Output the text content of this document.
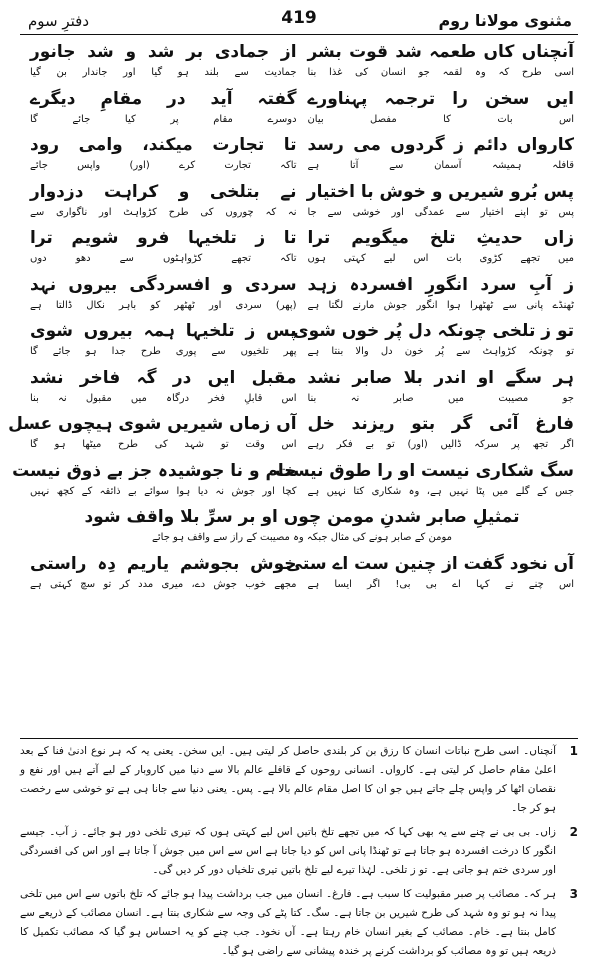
دفترِ سوم	419	مثنوی مولانا روم
آنچناں کاں طعمہ شد قوت بشر
اسی طرح کہ وہ لقمہ جو انسان کی غذا بنا
از جمادی بر شد و شد جانور
جمادیت سے بلند ہو گیا اور جاندار بن گیا
ایں سخن را ترجمہ پہناورے
اس بات کا مفصل بیان
گفتہ آید در مقامِ دیگرے
دوسرے مقام پر کیا جائے گا
کارواں دائم ز گردوں می رسد
قافلہ ہمیشہ آسمان سے آتا ہے
تا تجارت میکند، وامی رود
تاکہ تجارت کرے (اور) واپس جائے
پس بُرو شیریں و خوش با اختیار
پس تو اپنے اختیار سے عمدگی اور خوشی سے جا
نے بتلخی و کراہت دزدوار
نہ کہ چوروں کی طرح کڑواہٹ اور ناگواری سے
زاں حدیثِ تلخ میگویم ترا
میں تجھے کڑوی بات اس لیے کہتی ہوں
تا ز تلخیہا فرو شویم ترا
تاکہ تجھے کڑواہٹوں سے دھو دوں
ز آبِ سرد انگورِ افسردہ زہد
ٹھنڈے پانی سے ٹھٹھرا ہوا انگور جوش مارنے لگتا ہے
سردی و افسردگی بیروں نہد
(پھر) سردی اور ٹھٹھر کو باہر نکال ڈالتا ہے
تو ز تلخی چونکہ دل پُر خوں شوی
تو چونکہ کڑواہٹ سے پُر خون دل والا بنتا ہے
پس ز تلخیہا ہمہ بیروں شوی
پھر تلخیوں سے پوری طرح جدا ہو جائے گا
ہر سگے او اندر بلا صابر نشد
جو مصیبت میں صابر نہ بنا
مقبل ایں در گہ فاخر نشد
اس قابلِ فخر درگاہ میں مقبول نہ بنا
فارغ آئی گر بتو ریزند خل
اگر تجھ پر سرکہ ڈالیں (اور) تو بے فکر رہے
آں زماں شیریں شوی ہیچوں عسل
اس وقت تو شہد کی طرح میٹھا ہو گا
سگ شکاری نیست او را طوق نیست
جس کے گلے میں پٹا نہیں ہے، وہ شکاری کتا نہیں ہے
خام و نا جوشیدہ جز بے ذوق نیست
کچا اور جوش نہ دیا ہوا سوائے بے ذائقہ کے کچھ نہیں
تمثیلِ صابر شدنِ مومن چوں او بر سرِّ بلا واقف شود
مومن کے صابر ہونے کی مثال جبکہ وہ مصیبت کے راز سے واقف ہو جائے
آں نخود گفت از چنین ست اے ستی
اس چنے نے کہا اے بی بی! اگر ایسا ہے
خوش بجوشم یاریم دِہ راستی
مجھے خوب جوش دے، میری مدد کر تو سچ کہتی ہے
1
آنچناں۔ اسی طرح نباتات انسان کا رزق بن کر بلندی حاصل کر لیتی ہیں۔ ایں سخن۔ یعنی یہ کہ ہر نوع ادنیٰ فنا کے بعد اعلیٰ مقام حاصل کر لیتی ہے۔ کارواں۔ انسانی روحوں کے قافلے عالم بالا سے دنیا میں کاروبار کے لیے آتے ہیں اور نفع و نقصان اٹھا کر واپس چلے جاتے ہیں جو ان کا اصل مقام عالم بالا ہے۔ پس۔ یعنی دنیا سے جانا ہی ہے تو خوشی سے رخصت ہو کر جا۔
2
زاں۔ بی بی نے چنے سے یہ بھی کہا کہ میں تجھے تلخ باتیں اس لیے کہتی ہوں کہ تیری تلخی دور ہو جائے۔ ز آب۔ جیسے انگور کا درخت افسردہ ہو جاتا ہے تو ٹھنڈا پانی اس کو دیا جاتا ہے اس سے اس میں جوش آ جاتا ہے اور اس کی افسردگی اور سردی ختم ہو جاتی ہے۔ تو ز تلخی۔ لہٰذا تیرے لیے تلخ باتیں تیری تلخیاں دور کر دیں گی۔
3
ہر کہ۔ مصائب پر صبر مقبولیت کا سبب ہے۔ فارغ۔ انسان میں جب برداشت پیدا ہو جائے کہ تلخ باتوں سے اس میں تلخی پیدا نہ ہو تو وہ شہد کی طرح شیریں بن جاتا ہے۔ سگ۔ کتا پٹے کی وجہ سے شکاری بنتا ہے۔ انسان مصائب کے ذریعے سے کامل بنتا ہے۔ خام۔ مصائب کے بغیر انسان خام رہتا ہے۔ آں نخود۔ جب چنے کو یہ احساس ہو گیا کہ مصائب تکمیل کا ذریعہ ہیں تو وہ مصائب کو برداشت کرنے پر خندہ پیشانی سے راضی ہو گیا۔
